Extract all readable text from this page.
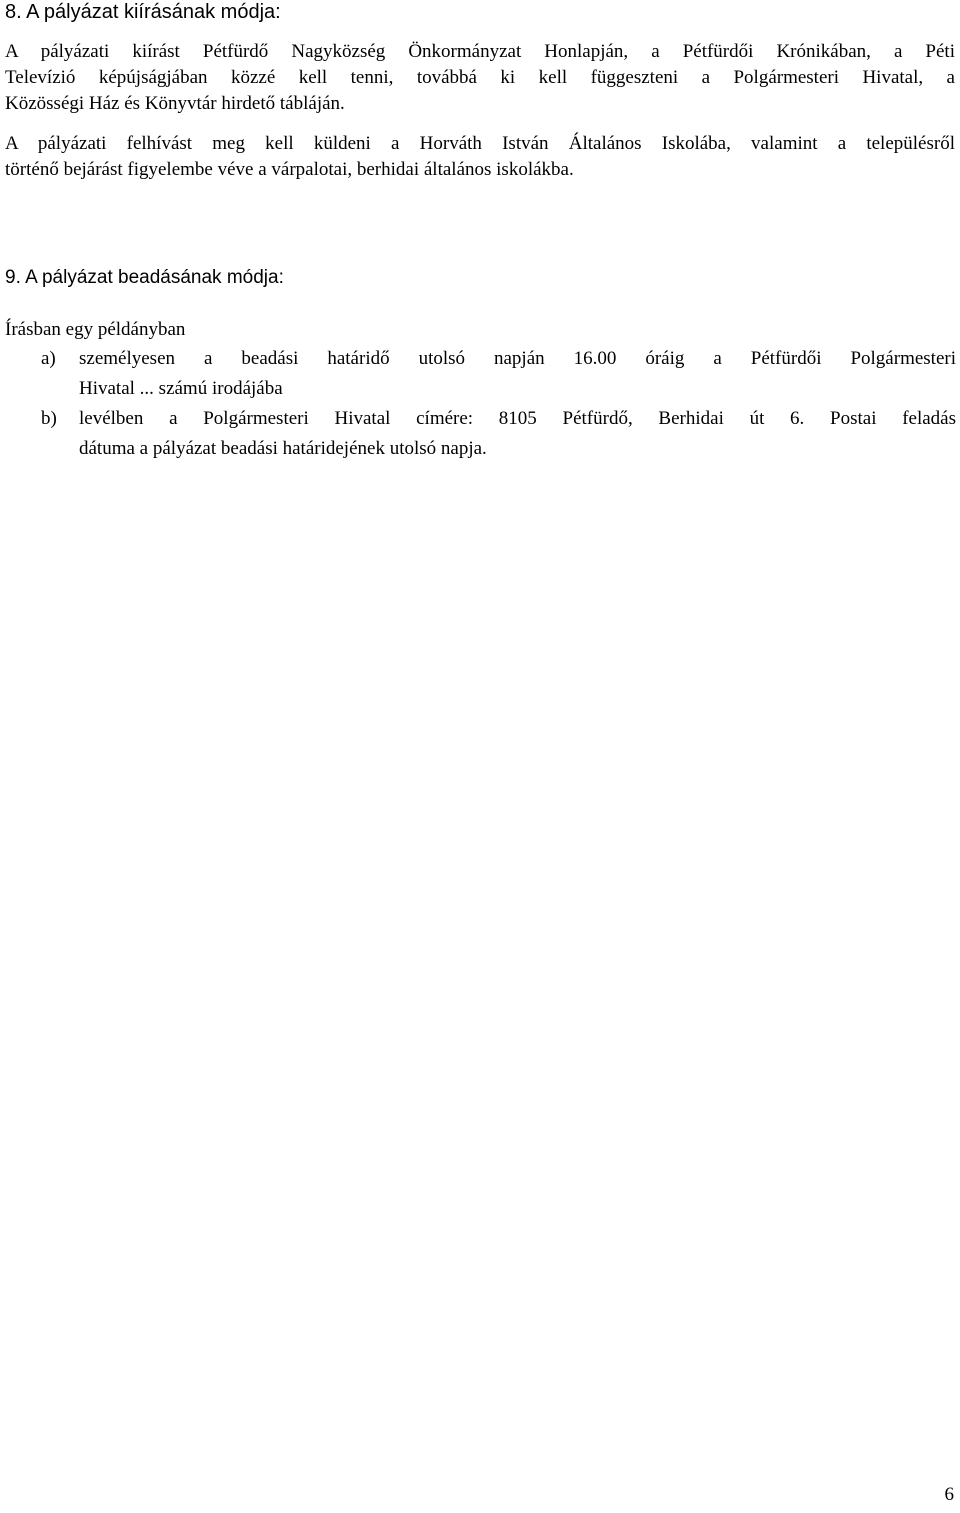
8. A pályázat kiírásának módja:
A pályázati kiírást Pétfürdő Nagyközség Önkormányzat Honlapján, a Pétfürdői Krónikában, a Péti
Televízió képújságjában közzé kell tenni, továbbá ki kell függeszteni a Polgármesteri Hivatal, a
Közösségi Ház és Könyvtár hirdető tábláján.
A pályázati felhívást meg kell küldeni a Horváth István Általános Iskolába, valamint a településről
történő bejárást figyelembe véve a várpalotai, berhidai általános iskolákba.
9. A pályázat beadásának módja:
Írásban egy példányban
a) személyesen a beadási határidő utolsó napján 16.00 óráig a Pétfürdői Polgármesteri
Hivatal ... számú irodájába
b) levélben a Polgármesteri Hivatal címére: 8105 Pétfürdő, Berhidai út 6. Postai feladás
dátuma a pályázat beadási határidejének utolsó napja.
6
